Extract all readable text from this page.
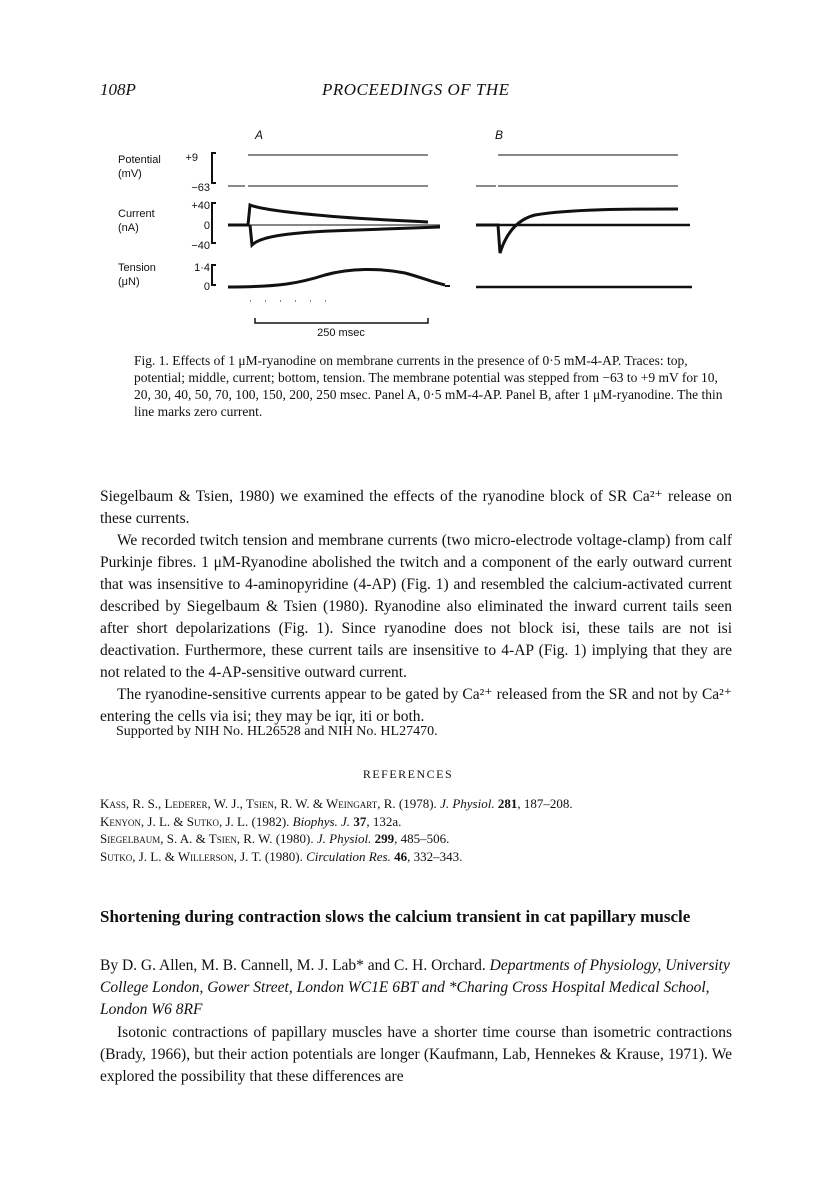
108P	PROCEEDINGS OF THE
A	B
Potential
(mV)
Current
(nA)
Tension
(μN)
+9
−63
+40
0
−40
1·4
0
250 msec
Fig. 1. Effects of 1 μM-ryanodine on membrane currents in the presence of 0·5 mM-4-AP. Traces: top, potential; middle, current; bottom, tension. The membrane potential was stepped from −63 to +9 mV for 10, 20, 30, 40, 50, 70, 100, 150, 200, 250 msec. Panel A, 0·5 mM-4-AP. Panel B, after 1 μM-ryanodine. The thin line marks zero current.

Siegelbaum & Tsien, 1980) we examined the effects of the ryanodine block of SR Ca²⁺ release on these currents.

We recorded twitch tension and membrane currents (two micro-electrode voltage-clamp) from calf Purkinje fibres. 1 μM-Ryanodine abolished the twitch and a component of the early outward current that was insensitive to 4-aminopyridine (4-AP) (Fig. 1) and resembled the calcium-activated current described by Siegelbaum & Tsien (1980). Ryanodine also eliminated the inward current tails seen after short depolarizations (Fig. 1). Since ryanodine does not block isi, these tails are not isi deactivation. Furthermore, these current tails are insensitive to 4-AP (Fig. 1) implying that they are not related to the 4-AP-sensitive outward current.

The ryanodine-sensitive currents appear to be gated by Ca²⁺ released from the SR and not by Ca²⁺ entering the cells via isi; they may be iqr, iti or both.

Supported by NIH No. HL26528 and NIH No. HL27470.
REFERENCES
Kass, R. S., Lederer, W. J., Tsien, R. W. & Weingart, R. (1978). J. Physiol. 281, 187–208.
Kenyon, J. L. & Sutko, J. L. (1982). Biophys. J. 37, 132a.
Siegelbaum, S. A. & Tsien, R. W. (1980). J. Physiol. 299, 485–506.
Sutko, J. L. & Willerson, J. T. (1980). Circulation Res. 46, 332–343.
Shortening during contraction slows the calcium transient in cat papillary muscle
By D. G. Allen, M. B. Cannell, M. J. Lab* and C. H. Orchard. Departments of Physiology, University College London, Gower Street, London WC1E 6BT and *Charing Cross Hospital Medical School, London W6 8RF

Isotonic contractions of papillary muscles have a shorter time course than isometric contractions (Brady, 1966), but their action potentials are longer (Kaufmann, Lab, Hennekes & Krause, 1971). We explored the possibility that these differences are
